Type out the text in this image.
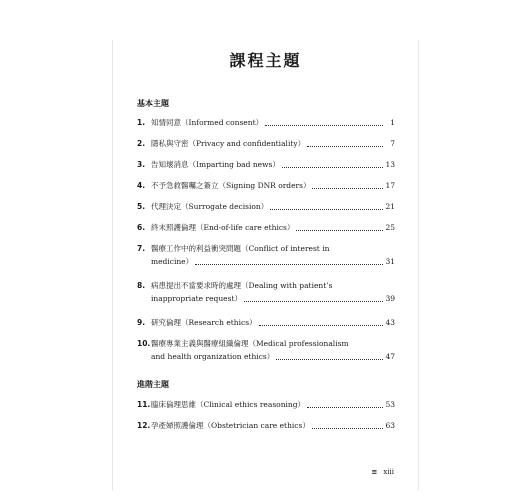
課程主題
基本主題
1. 知情同意（Informed consent）	1
2. 隱私與守密（Privacy and confidentiality）	7
3. 告知壞消息（Imparting bad news）	13
4. 不予急救醫囑之簽立（Signing DNR orders）	17
5. 代理決定（Surrogate decision）	21
6. 終末照護倫理（End-of-life care ethics）	25
7. 醫療工作中的利益衝突問題（Conflict of interest in
medicine）	31
8. 病患提出不當要求時的處理（Dealing with patient’s
inappropriate request）	39
9. 研究倫理（Research ethics）	43
10. 醫療專業主義與醫療組織倫理（Medical professionalism
and health organization ethics）	47
進階主題
11. 臨床倫理思維（Clinical ethics reasoning）	53
12. 孕產婦照護倫理（Obstetrician care ethics）	63
≡ xiii
